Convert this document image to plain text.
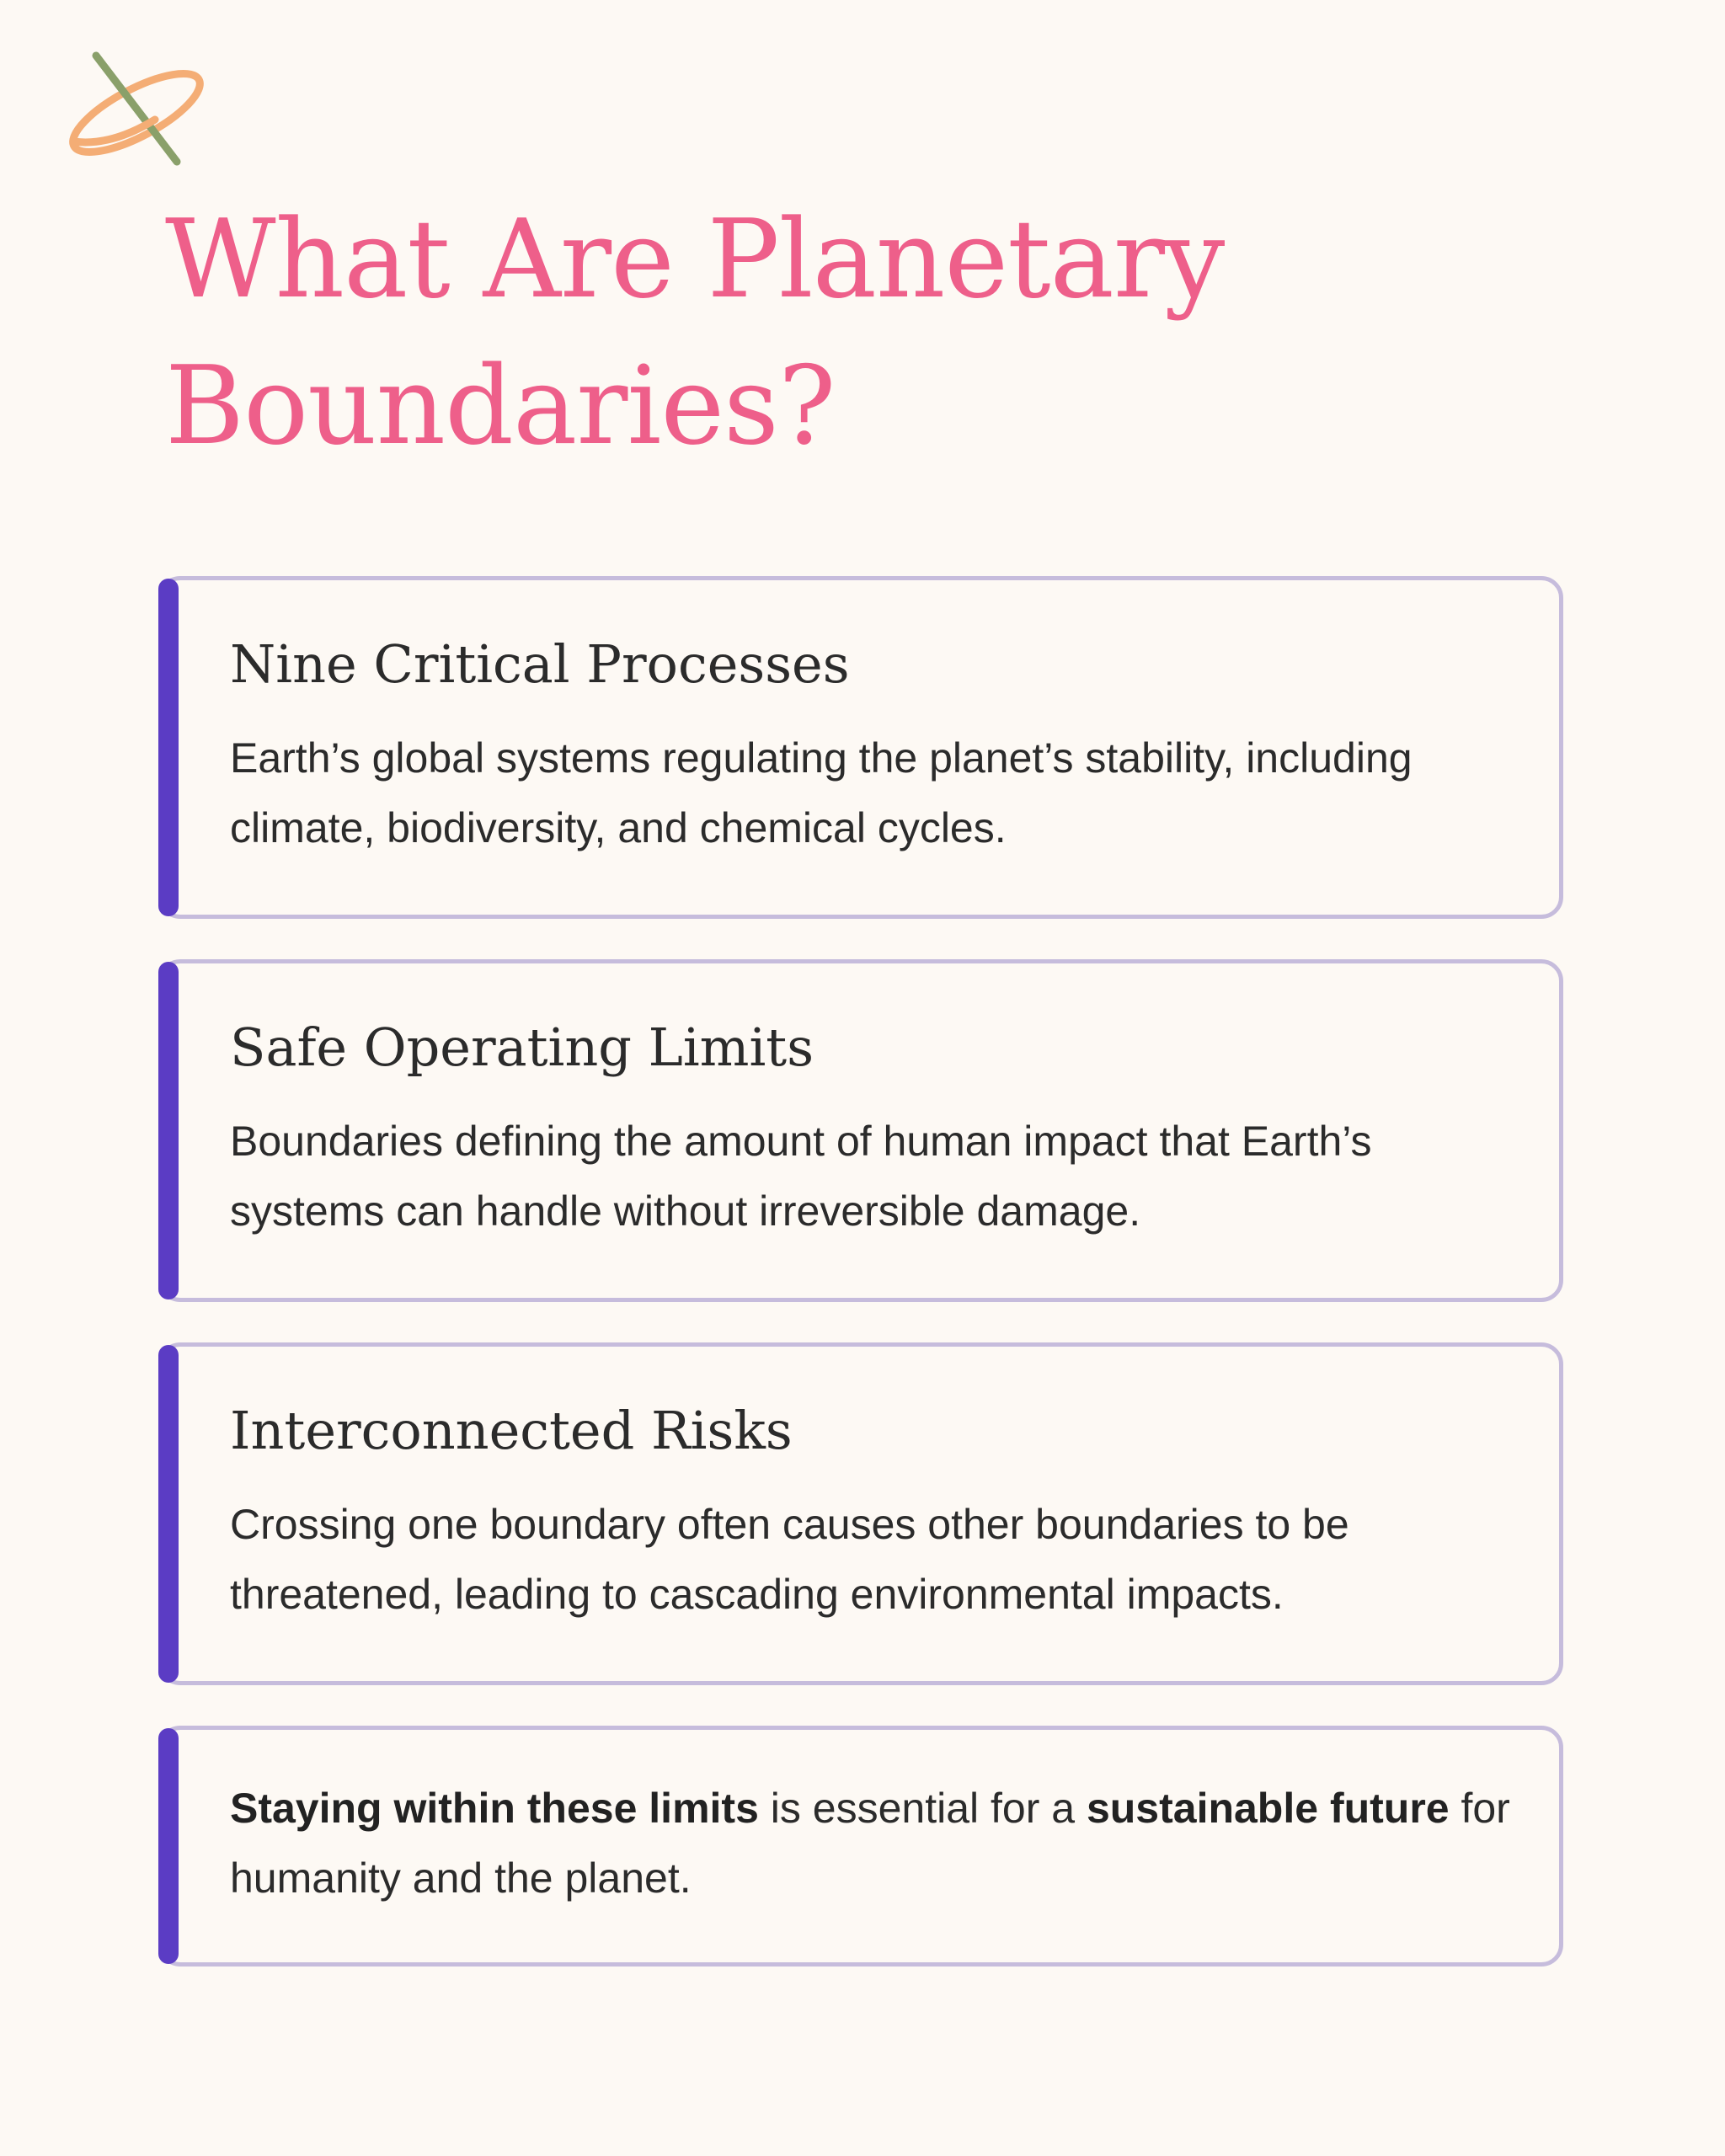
What Are Planetary Boundaries?
Nine Critical Processes

Earth’s global systems regulating the planet’s stability, including climate, biodiversity, and chemical cycles.

Safe Operating Limits

Boundaries defining the amount of human impact that Earth’s systems can handle without irreversible damage.

Interconnected Risks

Crossing one boundary often causes other boundaries to be threatened, leading to cascading environmental impacts.

Staying within these limits is essential for a sustainable future for humanity and the planet.
